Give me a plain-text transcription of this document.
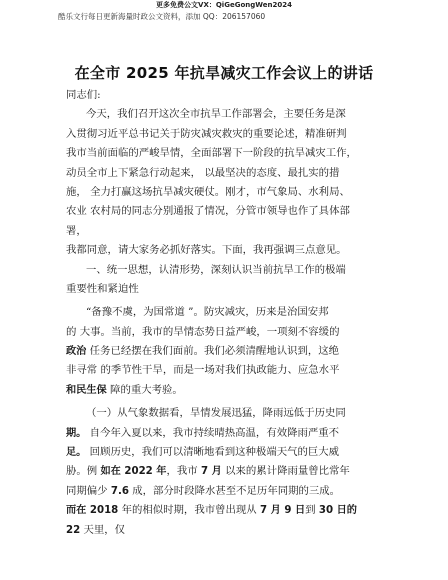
更多免费公文VX：QiGeGongWen2024
酷乐文行每日更新海量时政公文资料，添加 QQ：206157060
在全市 2025 年抗旱减灾工作会议上的讲话
同志们:
今天，我们召开这次全市抗旱工作部署会，主要任务是深
入贯彻习近平总书记关于防灾减灾救灾的重要论述，精准研判
我市当前面临的严峻旱情，全面部署下一阶段的抗旱减灾工作，
动员全市上下紧急行动起来， 以最坚决的态度、最扎实的措
施， 全力打赢这场抗旱减灾硬仗。刚才，市气象局、水利局、
农业 农村局的同志分别通报了情况，分管市领导也作了具体部
署，
我都同意，请大家务必抓好落实。下面，我再强调三点意见。
一、统一思想，认清形势，深刻认识当前抗旱工作的极端
重要性和紧迫性
“备豫不虞，为国常道 ”。防灾减灾，历来是治国安邦
的 大事。当前，我市的旱情态势日益严峻，一项刻不容缓的
政治 任务已经摆在我们面前。我们必须清醒地认识到，这绝
非寻常 的季节性干旱，而是一场对我们执政能力、应急水平
和民生保 障的重大考验。
（一）从气象数据看，旱情发展迅猛，降雨远低于历史同
期。 自今年入夏以来，我市持续晴热高温，有效降雨严重不
足。 回顾历史，我们可以清晰地看到这种极端天气的巨大威
胁。例 如在 2022 年，我市 7 月 以来的累计降雨量曾比常年
同期偏少 7.6 成，部分时段降水甚至不足历年同期的三成。
而在 2018 年的相似时期，我市曾出现从 7 月 9 日到 30 日的
22 天里，仅
